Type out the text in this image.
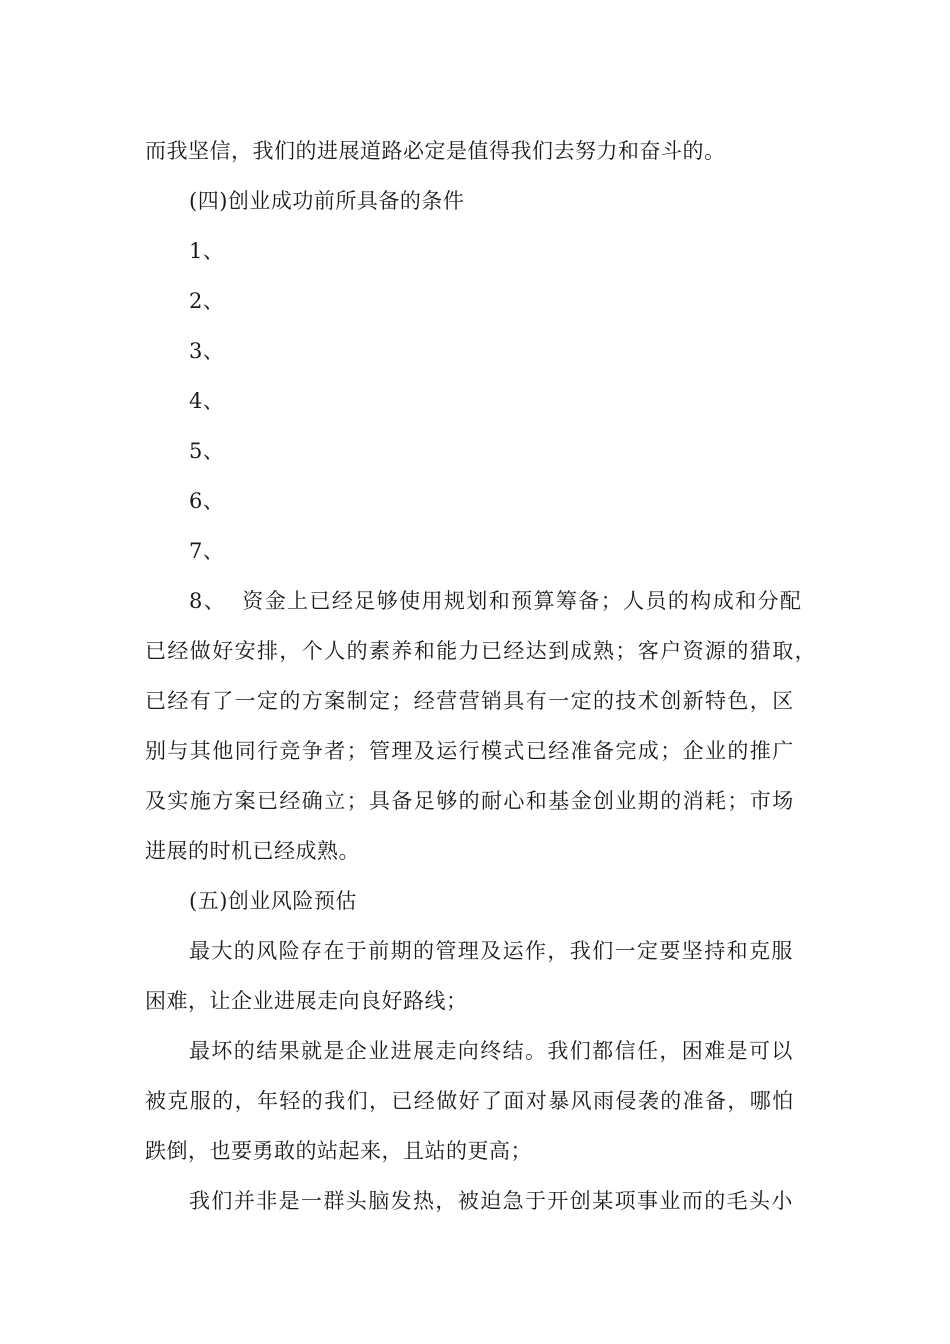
而我坚信，我们的进展道路必定是值得我们去努力和奋斗的。
(四)创业成功前所具备的条件
1、
2、
3、
4、
5、
6、
7、
8、  资金上已经足够使用规划和预算筹备；人员的构成和分配
已经做好安排，个人的素养和能力已经达到成熟；客户资源的猎取，
已经有了一定的方案制定；经营营销具有一定的技术创新特色，区
别与其他同行竞争者；管理及运行模式已经准备完成；企业的推广
及实施方案已经确立；具备足够的耐心和基金创业期的消耗；市场
进展的时机已经成熟。
(五)创业风险预估
最大的风险存在于前期的管理及运作，我们一定要坚持和克服
困难，让企业进展走向良好路线；
最坏的结果就是企业进展走向终结。我们都信任，困难是可以
被克服的，年轻的我们，已经做好了面对暴风雨侵袭的准备，哪怕
跌倒，也要勇敢的站起来，且站的更高；
我们并非是一群头脑发热，被迫急于开创某项事业而的毛头小
